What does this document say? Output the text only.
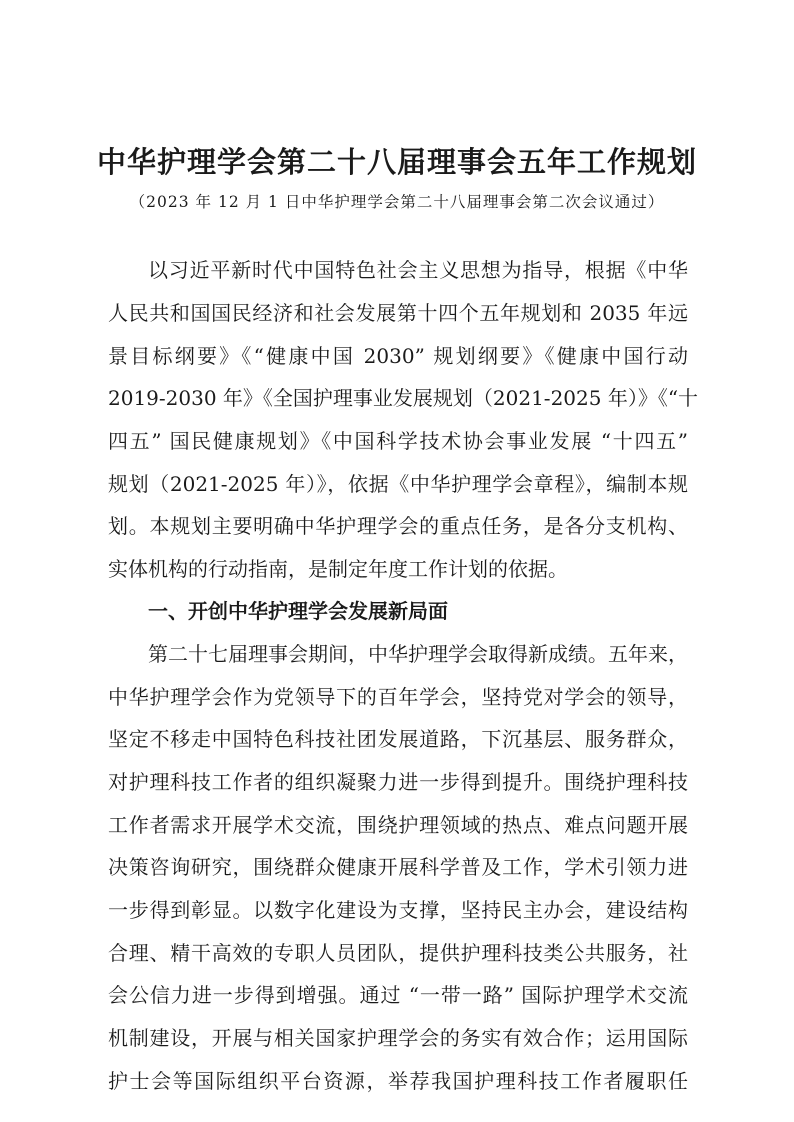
中华护理学会第二十八届理事会五年工作规划
（2023 年 12 月 1 日中华护理学会第二十八届理事会第二次会议通过）
以习近平新时代中国特色社会主义思想为指导，根据《中华
人民共和国国民经济和社会发展第十四个五年规划和 2035 年远
景目标纲要》《“健康中国 2030” 规划纲要》《健康中国行动
2019-2030 年》《全国护理事业发展规划（2021-2025 年）》《“十
四五” 国民健康规划》《中国科学技术协会事业发展 “十四五”
规划（2021-2025 年）》，依据《中华护理学会章程》，编制本规
划。本规划主要明确中华护理学会的重点任务，是各分支机构、
实体机构的行动指南，是制定年度工作计划的依据。
一、开创中华护理学会发展新局面
第二十七届理事会期间，中华护理学会取得新成绩。五年来，
中华护理学会作为党领导下的百年学会，坚持党对学会的领导，
坚定不移走中国特色科技社团发展道路，下沉基层、服务群众，
对护理科技工作者的组织凝聚力进一步得到提升。围绕护理科技
工作者需求开展学术交流，围绕护理领域的热点、难点问题开展
决策咨询研究，围绕群众健康开展科学普及工作，学术引领力进
一步得到彰显。以数字化建设为支撑，坚持民主办会，建设结构
合理、精干高效的专职人员团队，提供护理科技类公共服务，社
会公信力进一步得到增强。通过 “一带一路” 国际护理学术交流
机制建设，开展与相关国家护理学会的务实有效合作；运用国际
护士会等国际组织平台资源，举荐我国护理科技工作者履职任
